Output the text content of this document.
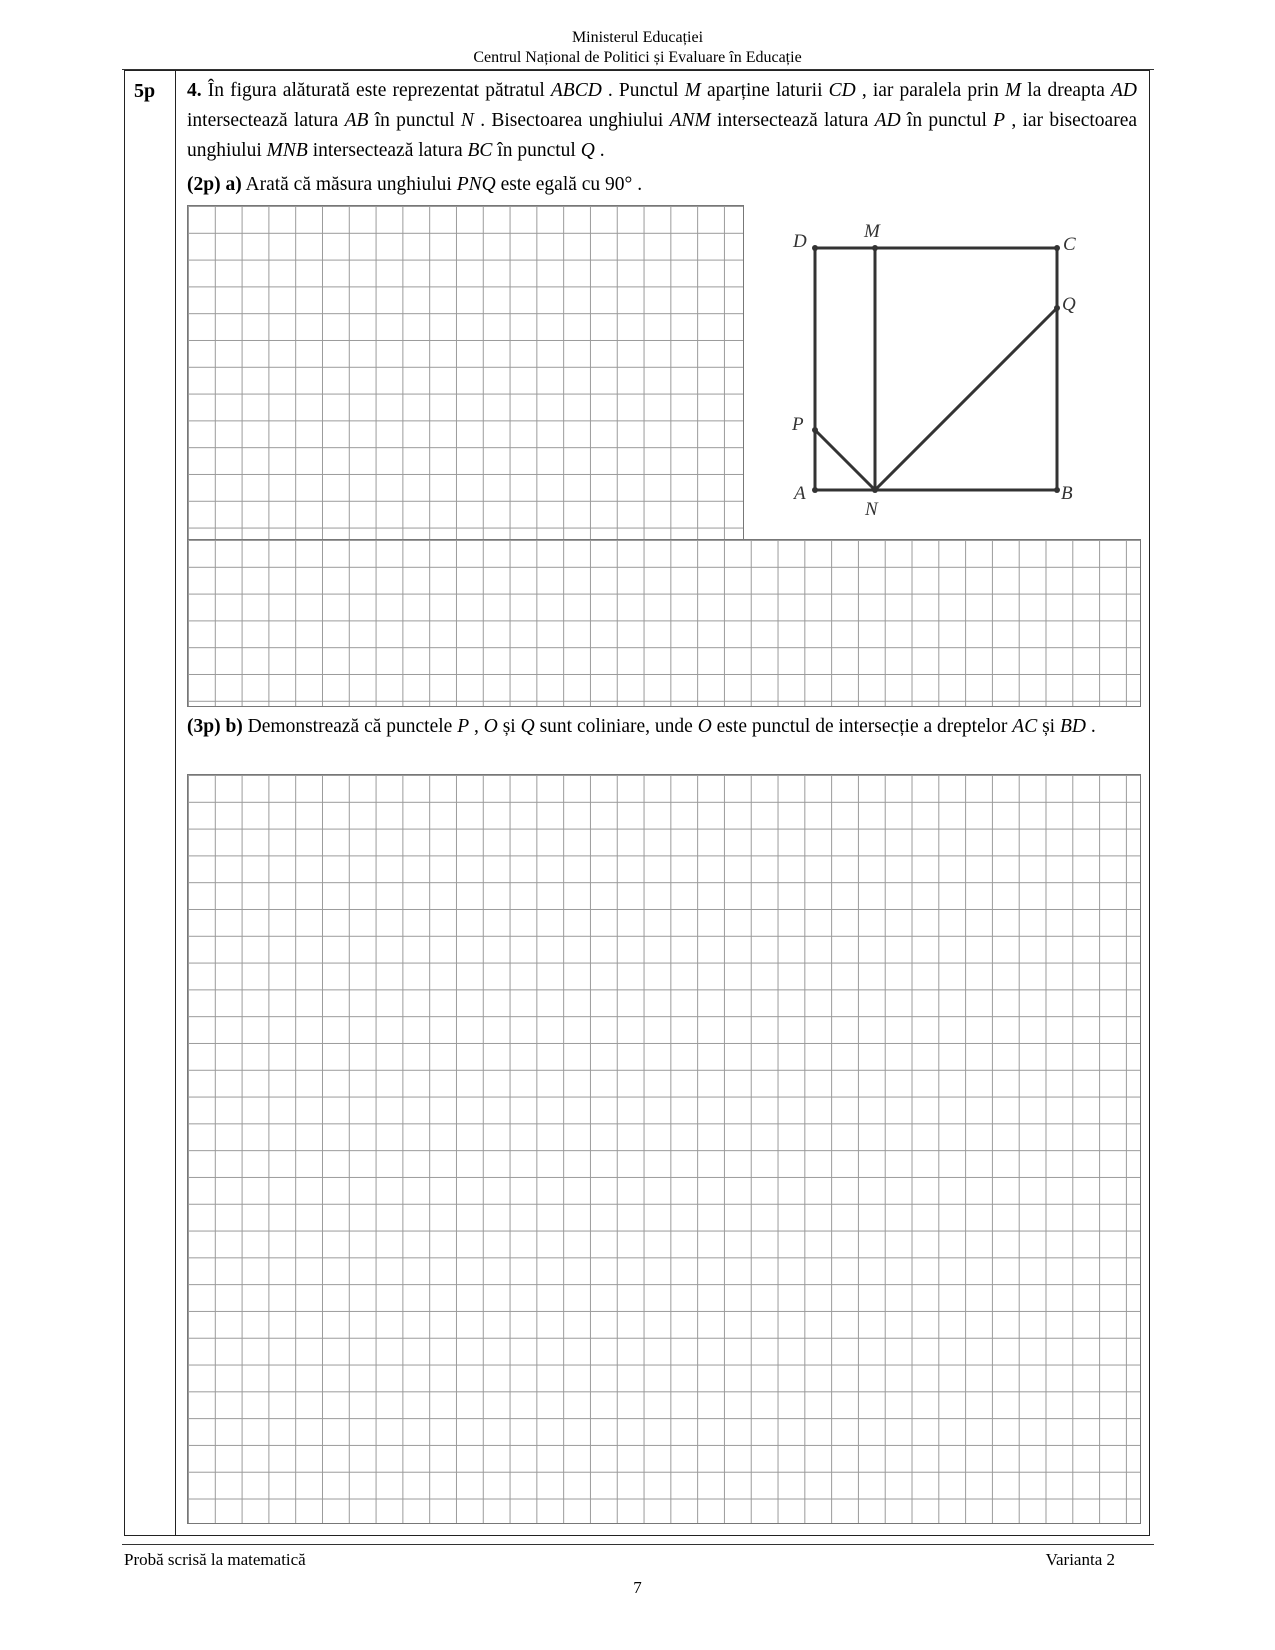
Ministerul Educației
Centrul Național de Politici și Evaluare în Educație
5p 4. În figura alăturată este reprezentat pătratul ABCD . Punctul M aparține laturii CD , iar paralela prin M la dreapta AD intersectează latura AB în punctul N . Bisectoarea unghiului ANM intersectează latura AD în punctul P , iar bisectoarea unghiului MNB intersectează latura BC în punctul Q .
(2p) a) Arată că măsura unghiului PNQ este egală cu 90° .
D	M
C
Q
P
A
N
B
(3p) b) Demonstrează că punctele P , O și Q sunt coliniare, unde O este punctul de intersecție a dreptelor AC și BD .
Probă scrisă la matematică	Varianta 2
7
